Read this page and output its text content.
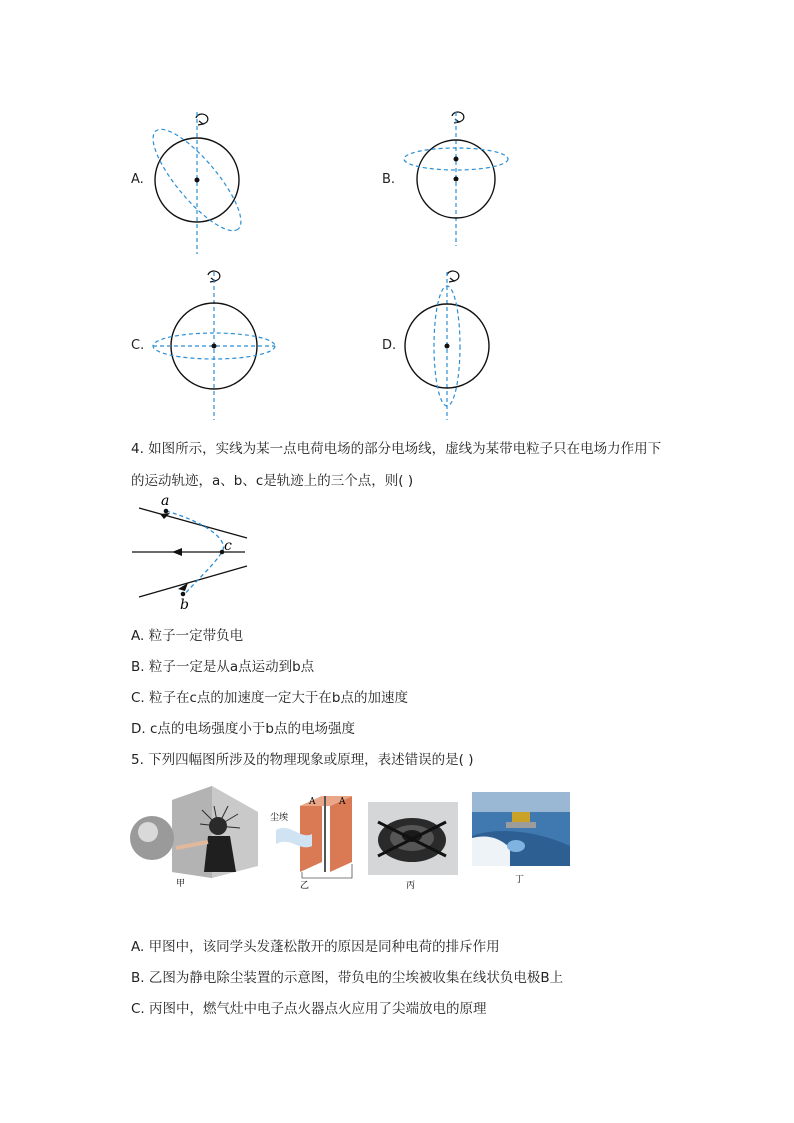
A.	B.
C.	D.
4. 如图所示，实线为某一点电荷电场的部分电场线，虚线为某带电粒子只在电场力作用下
的运动轨迹，a、b、c是轨迹上的三个点，则( )
a
c
b
A. 粒子一定带负电
B. 粒子一定是从a点运动到b点
C. 粒子在c点的加速度一定大于在b点的加速度
D. c点的电场强度小于b点的电场强度
5. 下列四幅图所涉及的物理现象或原理，表述错误的是( )
甲
尘埃
A	A
乙	丙
丁
A. 甲图中，该同学头发蓬松散开的原因是同种电荷的排斥作用
B. 乙图为静电除尘装置的示意图，带负电的尘埃被收集在线状负电极B上
C. 丙图中，燃气灶中电子点火器点火应用了尖端放电的原理
